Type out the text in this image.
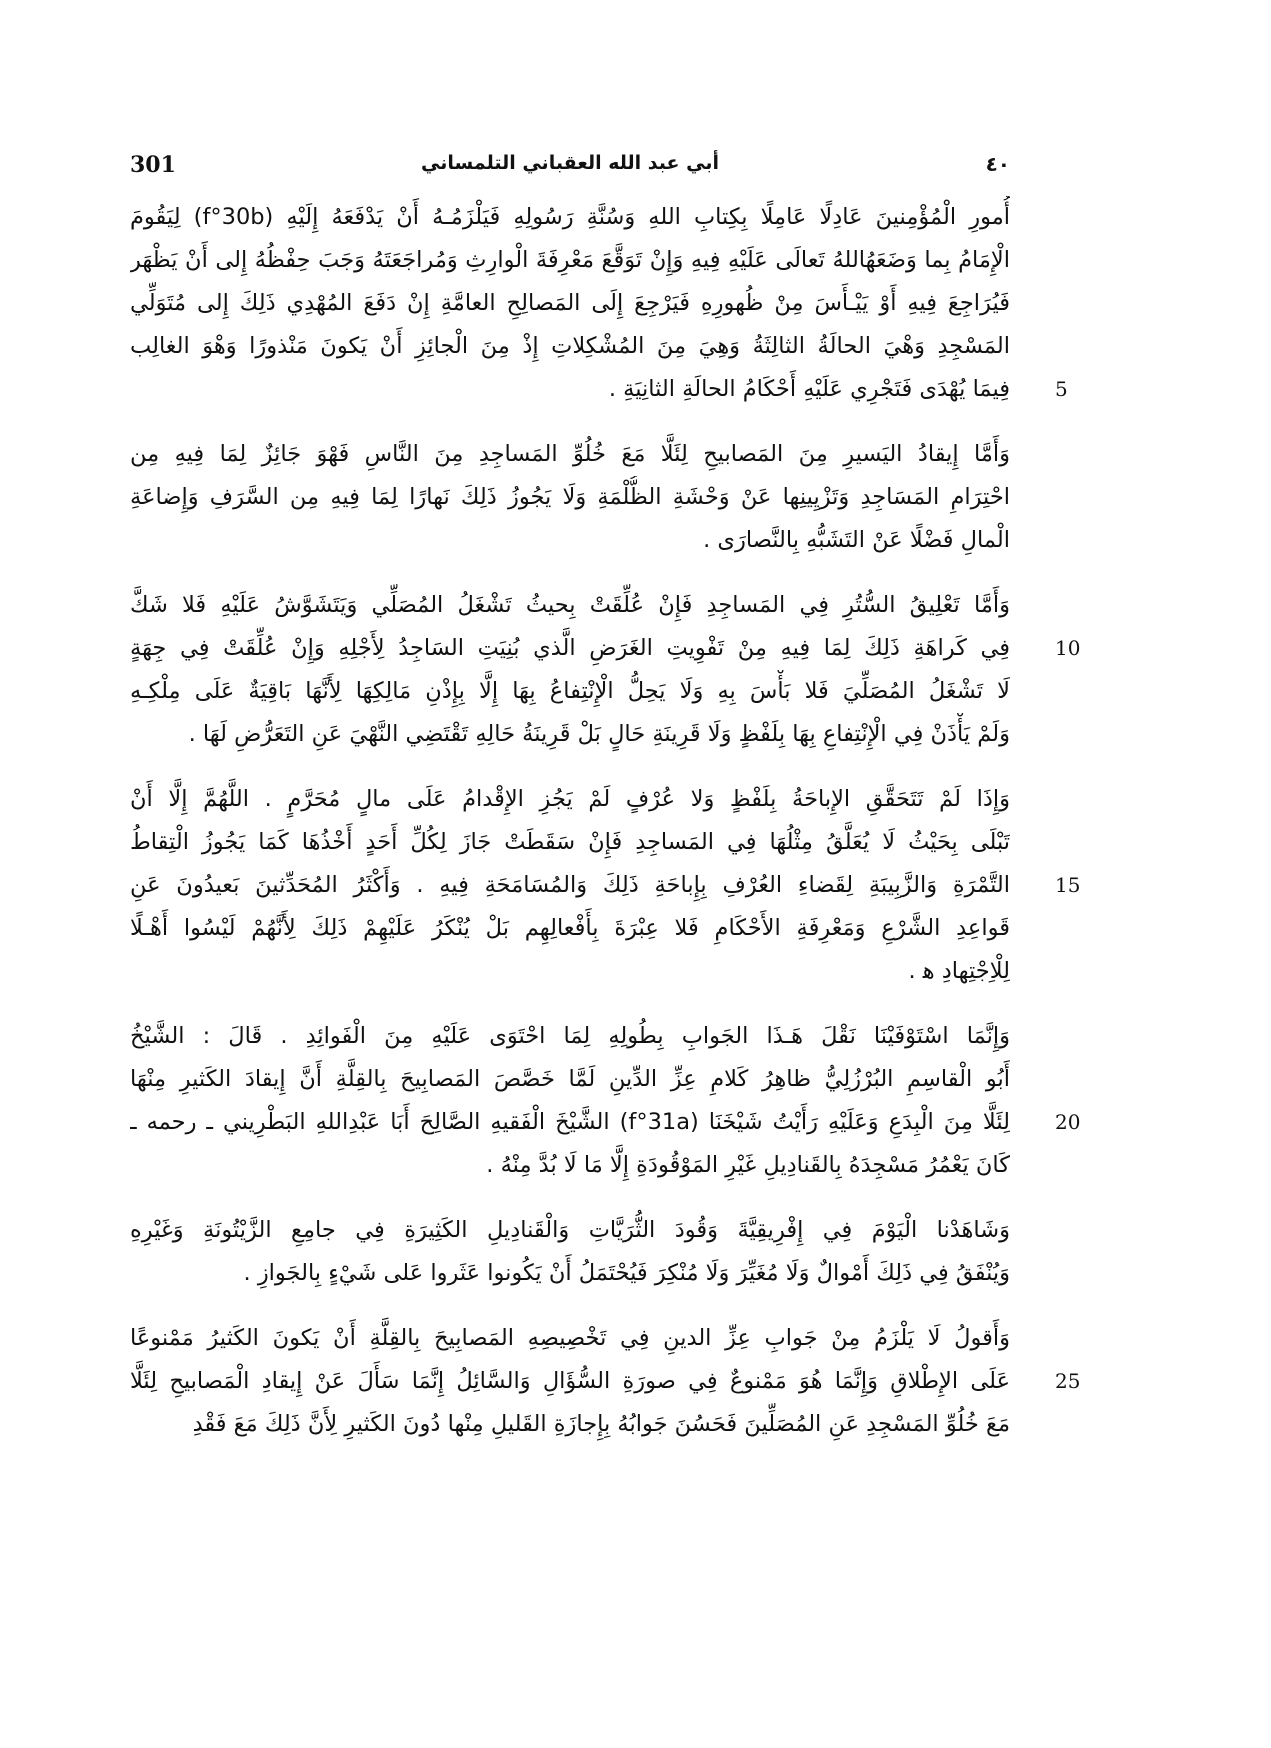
301	أبي عبد الله العقباني التلمساني	٤٠
أُمورِ الْمُؤْمِنينَ عَادِلًا عَامِلًا بِكِتابِ اللهِ وَسُنَّةِ رَسُولِهِ فَيَلْزَمُـهُ أَنْ يَدْفَعَهُ إِلَيْهِ (f°30b) لِيَقُومَ
الْإِمَامُ بِما وَضَعَهُاللهُ تَعالَى عَلَيْهِ فِيهِ وَإِنْ تَوَقَّعَ مَعْرِفَةَ الْوارِثِ وَمُراجَعَتَهُ وَجَبَ حِفْظُهُ إِلى أَنْ يَظْهَر
فَيُرَاجِعَ فِيهِ أَوْ يَيْـأَسَ مِنْ ظُهورِهِ فَيَرْجِعَ إِلَى المَصالِحِ العامَّةِ إِنْ دَفَعَ المُهْدِي ذَلِكَ إِلى مُتَوَلِّي
المَسْجِدِ وَهْيَ الحالَةُ الثالِثَةُ وَهِيَ مِنَ المُشْكِلاتِ إِذْ مِنَ الْجائِزِ أَنْ يَكونَ مَنْذورًا وَهْوَ الغالِب
فِيمَا يُهْدَى فَتَجْرِي عَلَيْهِ أَحْكَامُ الحالَةِ الثانِيَةِ . 5
وَأَمَّا إِيقادُ اليَسيرِ مِنَ المَصابيحِ لِئَلَّا مَعَ خُلُوِّ المَساجِدِ مِنَ النَّاسِ فَهْوَ جَائِزٌ لِمَا فِيهِ مِن
احْتِرَامِ المَسَاجِدِ وَتَزْيِينِها عَنْ وَحْشَةِ الظُّلْمَةِ وَلَا يَجُوزُ ذَلِكَ نَهارًا لِمَا فِيهِ مِن السَّرَفِ وَإِضاعَةِ
الْمالِ فَضْلًا عَنْ التَشَبُّهِ بِالنَّصارَى .
وَأَمَّا تَعْلِيقُ السُّتُرِ فِي المَساجِدِ فَإِنْ عُلِّقَتْ بِحيثُ تَشْغَلُ المُصَلِّي وَيَتَشَوَّشُ عَلَيْهِ فَلا شَكَّ
فِي كَراهَةِ ذَلِكَ لِمَا فِيهِ مِنْ تَفْوِيتِ الغَرَضِ الَّذي بُنِيَتِ السَاجِدُ لِأَجْلِهِ وَإِنْ عُلِّقَتْ فِي جِهَةٍ 10
لَا تَشْغَلُ المُصَلِّيَ فَلا بَأْسَ بِهِ وَلَا يَحِلُّ الْإِنْتِفاعُ بِهَا إِلَّا بِإِذْنِ مَالِكِهَا لِأَنَّهَا بَاقِيَةٌ عَلَى مِلْكِـهِ
وَلَمْ يَأْذَنْ فِي الْإِنْتِفاعِ بِهَا بِلَفْظٍ وَلَا قَرِينَةِ حَالٍ بَلْ قَرِينَةُ حَالِهِ تَقْتَضِي النَّهْيَ عَنِ التَعَرُّضِ لَهَا .
وَإِذَا لَمْ تَتَحَقَّقِ الإِباحَةُ بِلَفْظٍ وَلا عُرْفٍ لَمْ يَجُزِ الإِقْدامُ عَلَى مالٍ مُحَرَّمٍ . اللَّهُمَّ إِلَّا أَنْ
تَبْلَى بِحَيْثُ لَا يُعَلَّقُ مِثْلُهَا فِي المَساجِدِ فَإِنْ سَقَطَتْ جَازَ لِكُلِّ أَحَدٍ أَخْذُهَا كَمَا يَجُوزُ الْتِقاطُ
التَّمْرَةِ وَالزَّبِيبَةِ لِقَضاءِ العُرْفِ بِإِباحَةِ ذَلِكَ وَالمُسَامَحَةِ فِيهِ . وَأَكْثَرُ المُحَدِّثينَ بَعيدُونَ عَنِ 15
قَواعِدِ الشَّرْعِ وَمَعْرِفَةِ الأَحْكَامِ فَلا عِبْرَةَ بِأَفْعالِهِم بَلْ يُنْكَرُ عَلَيْهِمْ ذَلِكَ لِأَنَّهُمْ لَيْسُوا أَهْـلًا
لِلْاِجْتِهادِ ﻫ .
وَإِنَّمَا اسْتَوْفَيْنَا نَقْلَ هَـذَا الجَوابِ بِطُولِهِ لِمَا احْتَوَى عَلَيْهِ مِنَ الْفَوائِدِ . قَالَ : الشَّيْخُ
أَبُو الْقاسِمِ البُرْزُلِيُّ ظاهِرُ كَلامِ عِزِّ الدِّينِ لَمَّا خَصَّصَ المَصابِيحَ بِالقِلَّةِ أَنَّ إِيقادَ الكَثيرِ مِنْهَا
لِئَلَّا مِنَ الْبِدَعِ وَعَلَيْهِ رَأَيْتُ شَيْخَنَا (f°31a) الشَّيْخَ الْفَقيهِ الصَّالِحَ أَبَا عَبْدِاللهِ البَطْرِيني ـ رحمه ـ 20
كَانَ يَعْمُرُ مَسْجِدَهُ بِالقَنادِيلِ غَيْرِ المَوْقُودَةِ إِلَّا مَا لَا بُدَّ مِنْهُ .
وَشَاهَدْنا الْيَوْمَ فِي إِفْرِيقِيَّةَ وَقُودَ الثُّرَيَّاتِ وَالْقَنادِيلِ الكَثِيرَةِ فِي جامِعِ الزَّيْتُونَةِ وَغَيْرِهِ
وَيُنْفَقُ فِي ذَلِكَ أَمْوالٌ وَلَا مُغَيِّرَ وَلَا مُنْكِرَ فَيُحْتَمَلُ أَنْ يَكُونوا عَثَروا عَلى شَيْءٍ بِالجَوازِ .
وَأَقولُ لَا يَلْزَمُ مِنْ جَوابِ عِزِّ الدينِ فِي تَخْصِيصِهِ المَصابِيحَ بِالقِلَّةِ أَنْ يَكونَ الكَثيرُ مَمْنوعًا
عَلَى الإِطْلاقِ وَإِنَّمَا هُوَ مَمْنوعٌ فِي صورَةِ السُّؤَالِ وَالسَّائِلُ إِنَّمَا سَأَلَ عَنْ إِيقادِ الْمَصابيحِ لِئَلَّا 25
مَعَ خُلُوِّ المَسْجِدِ عَنِ المُصَلِّينَ فَحَسُنَ جَوابُهُ بِإِجازَةِ القَليلِ مِنْها دُونَ الكَثيرِ لِأَنَّ ذَلِكَ مَعَ فَقْدِ
